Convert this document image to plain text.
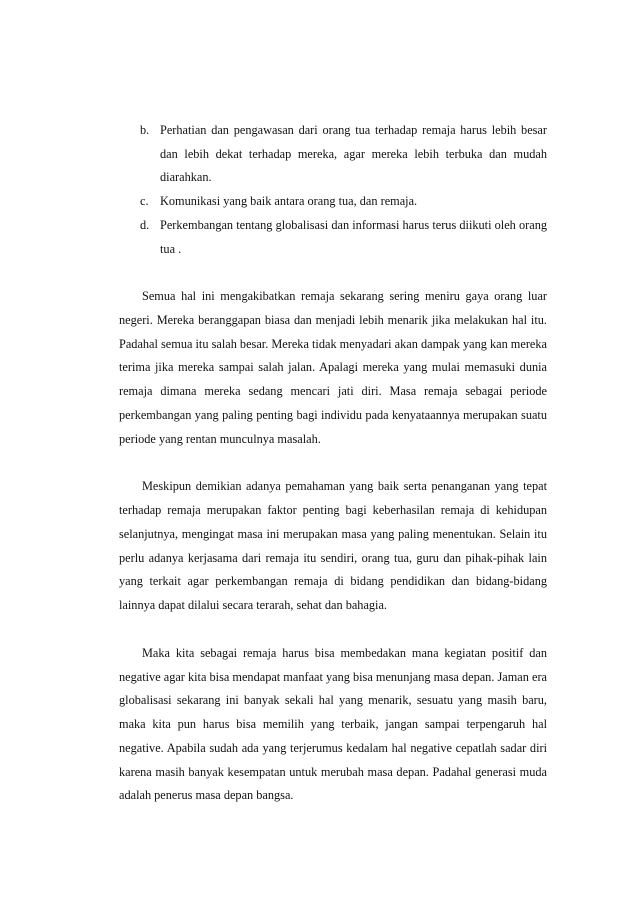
b. Perhatian dan pengawasan dari orang tua terhadap remaja harus lebih besar dan lebih dekat terhadap mereka, agar mereka lebih terbuka dan mudah diarahkan.
c. Komunikasi yang baik antara orang tua, dan remaja.
d. Perkembangan tentang globalisasi dan informasi harus terus diikuti oleh orang tua .

Semua hal ini mengakibatkan remaja sekarang sering meniru gaya orang luar negeri. Mereka beranggapan biasa dan menjadi lebih menarik jika melakukan hal itu. Padahal semua itu salah besar. Mereka tidak menyadari akan dampak yang kan mereka terima jika mereka sampai salah jalan. Apalagi mereka yang mulai memasuki dunia remaja dimana mereka sedang mencari jati diri. Masa remaja sebagai periode perkembangan yang paling penting bagi individu pada kenyataannya merupakan suatu periode yang rentan munculnya masalah.

Meskipun demikian adanya pemahaman yang baik serta penanganan yang tepat terhadap remaja merupakan faktor penting bagi keberhasilan remaja di kehidupan selanjutnya, mengingat masa ini merupakan masa yang paling menentukan. Selain itu perlu adanya kerjasama dari remaja itu sendiri, orang tua, guru dan pihak-pihak lain yang terkait agar perkembangan remaja di bidang pendidikan dan bidang-bidang lainnya dapat dilalui secara terarah, sehat dan bahagia.

Maka kita sebagai remaja harus bisa membedakan mana kegiatan positif dan negative agar kita bisa mendapat manfaat yang bisa menunjang masa depan. Jaman era globalisasi sekarang ini banyak sekali hal yang menarik, sesuatu yang masih baru, maka kita pun harus bisa memilih yang terbaik, jangan sampai terpengaruh hal negative. Apabila sudah ada yang terjerumus kedalam hal negative cepatlah sadar diri karena masih banyak kesempatan untuk merubah masa depan. Padahal generasi muda adalah penerus masa depan bangsa.
